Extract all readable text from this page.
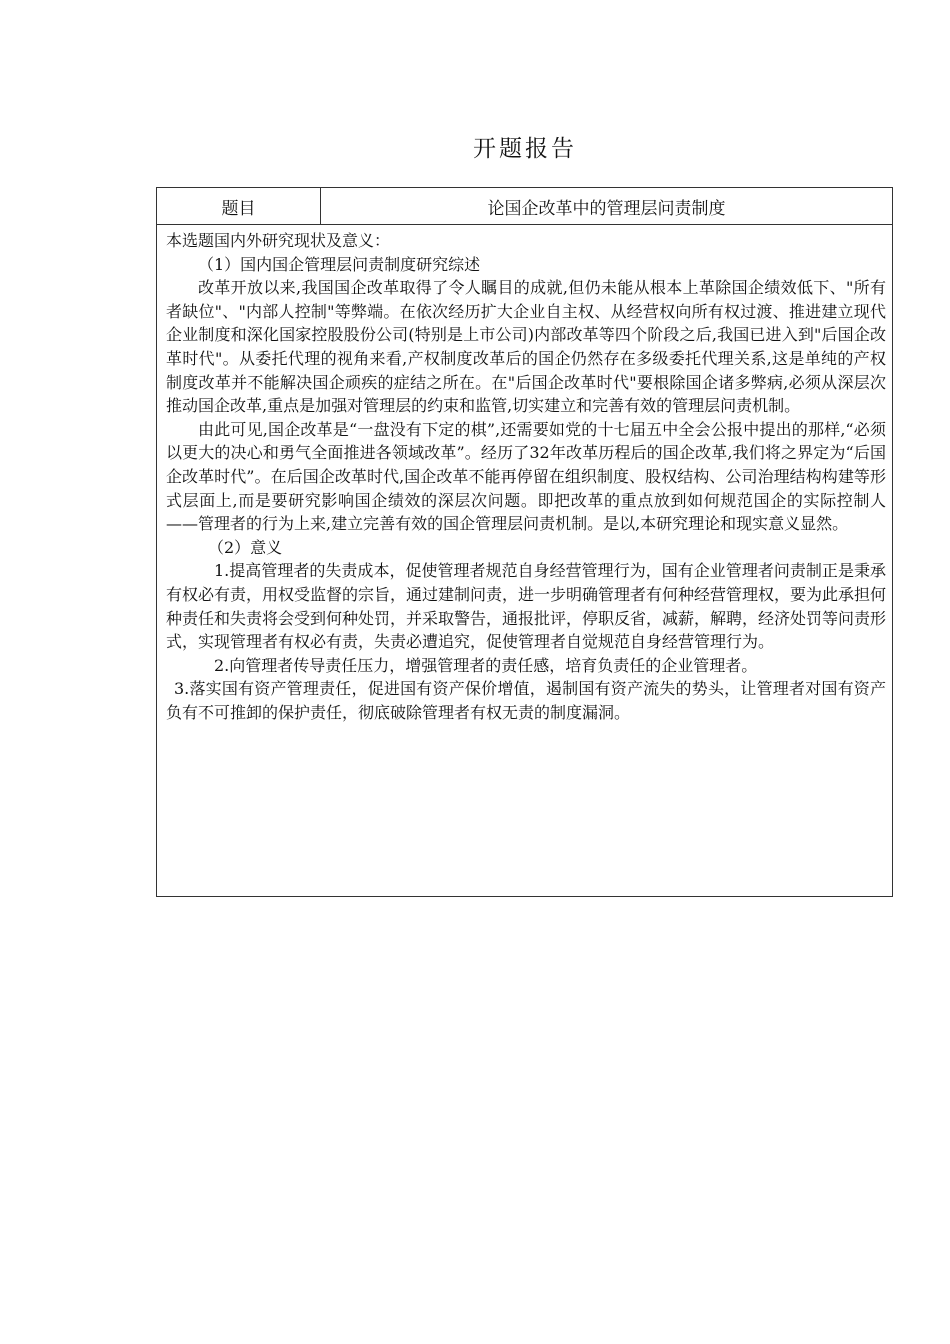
开题报告
题目	论国企改革中的管理层问责制度

本选题国内外研究现状及意义：

（1）国内国企管理层问责制度研究综述

改革开放以来,我国国企改革取得了令人瞩目的成就,但仍未能从根本上革除国企绩效低下、"所有者缺位"、"内部人控制"等弊端。在依次经历扩大企业自主权、从经营权向所有权过渡、推进建立现代企业制度和深化国家控股股份公司(特别是上市公司)内部改革等四个阶段之后,我国已进入到"后国企改革时代"。从委托代理的视角来看,产权制度改革后的国企仍然存在多级委托代理关系,这是单纯的产权制度改革并不能解决国企顽疾的症结之所在。在"后国企改革时代"要根除国企诸多弊病,必须从深层次推动国企改革,重点是加强对管理层的约束和监管,切实建立和完善有效的管理层问责机制。

由此可见,国企改革是“一盘没有下定的棋”,还需要如党的十七届五中全会公报中提出的那样,“必须以更大的决心和勇气全面推进各领域改革”。经历了32年改革历程后的国企改革,我们将之界定为“后国企改革时代”。在后国企改革时代,国企改革不能再停留在组织制度、股权结构、公司治理结构构建等形式层面上,而是要研究影响国企绩效的深层次问题。即把改革的重点放到如何规范国企的实际控制人——管理者的行为上来,建立完善有效的国企管理层问责机制。是以,本研究理论和现实意义显然。

（2）意义

1.提高管理者的失责成本，促使管理者规范自身经营管理行为，国有企业管理者问责制正是秉承有权必有责，用权受监督的宗旨，通过建制问责，进一步明确管理者有何种经营管理权，要为此承担何种责任和失责将会受到何种处罚，并采取警告，通报批评，停职反省，减薪，解聘，经济处罚等问责形式，实现管理者有权必有责，失责必遭追究，促使管理者自觉规范自身经营管理行为。

2.向管理者传导责任压力，增强管理者的责任感，培育负责任的企业管理者。

3.落实国有资产管理责任，促进国有资产保价增值，遏制国有资产流失的势头，让管理者对国有资产负有不可推卸的保护责任，彻底破除管理者有权无责的制度漏洞。
